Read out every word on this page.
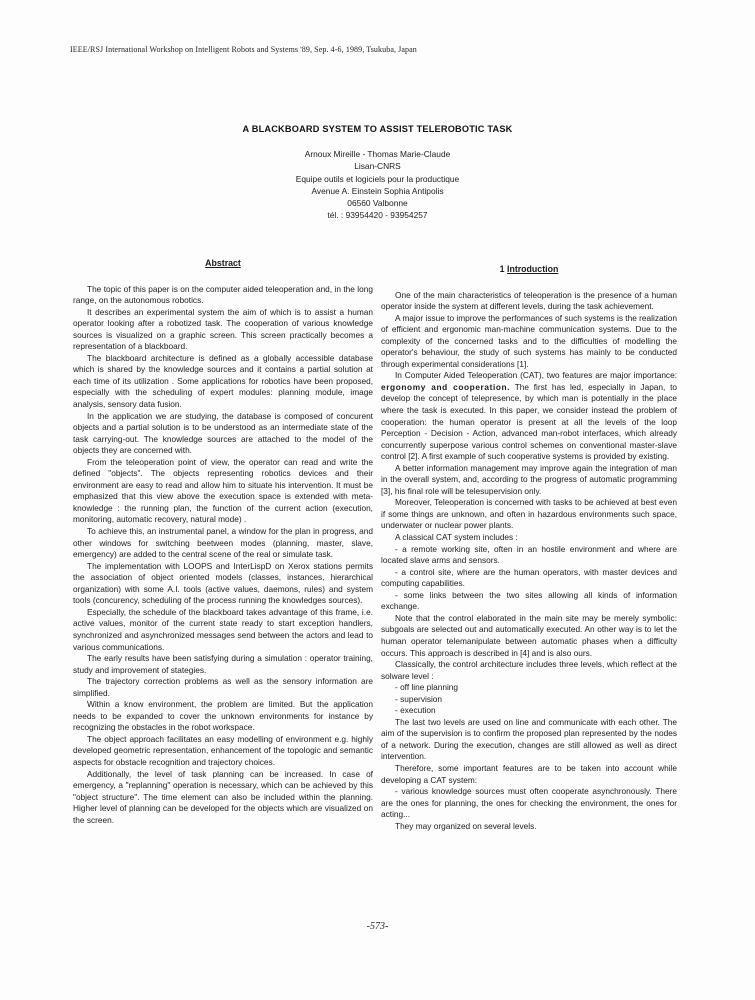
IEEE/RSJ International Workshop on Intelligent Robots and Systems '89, Sep. 4-6, 1989, Tsukuba, Japan
A BLACKBOARD SYSTEM TO ASSIST TELEROBOTIC TASK
Arnoux Mireille - Thomas Marie-Claude
Lisan-CNRS
Equipe outils et logiciels pour la productique
Avenue A. Einstein Sophia Antipolis
06560 Valbonne
tél. : 93954420 - 93954257
Abstract

The topic of this paper is on the computer aided teleoperation and, in the long range, on the autonomous robotics.

It describes an experimental system the aim of which is to assist a human operator looking after a robotized task. The cooperation of various knowledge sources is visualized on a graphic screen. This screen practically becomes a representation of a blackboard.

The blackboard architecture is defined as a globally accessible database which is shared by the knowledge sources and it contains a partial solution at each time of its utilization . Some applications for robotics have been proposed, especially with the scheduling of expert modules: planning module, image analysis, sensory data fusion.

In the application we are studying, the database is composed of concurent objects and a partial solution is to be understood as an intermediate state of the task carrying-out. The knowledge sources are attached to the model of the objects they are concerned with.

From the teleoperation point of view, the operator can read and write the defined "objects". The objects representing robotics devices and their environment are easy to read and allow him to situate his intervention. It must be emphasized that this view above the execution space is extended with meta-knowledge : the running plan, the function of the current action (execution, monitoring, automatic recovery, natural mode) .

To achieve this, an instrumental panel, a window for the plan in progress, and other windows for switching beetween modes (planning, master, slave, emergency) are added to the central scene of the real or simulate task.

The implementation with LOOPS and InterLispD on Xerox stations permits the association of object oriented models (classes, instances, hierarchical organization) with some A.I. tools (active values, daemons, rules) and system tools (concurency, scheduling of the process running the knowledges sources).

Especially, the schedule of the blackboard takes advantage of this frame, i.e. active values, monitor of the current state ready to start exception handlers, synchronized and asynchronized messages send between the actors and lead to various communications.

The early results have been satisfying during a simulation : operator training, study and improvement of stategies.

The trajectory correction problems as well as the sensory information are simplified.

Within a know environment, the problem are limited. But the application needs to be expanded to cover the unknown environments for instance by recognizing the obstacles in the robot workspace.

The object approach facilitates an easy modelling of environment e.g. highly developed geometric representation, enhancement of the topologic and semantic aspects for obstacle recognition and trajectory choices.

Additionally, the level of task planning can be increased. In case of emergency, a "replanning" operation is necessary, which can be achieved by this "object structure". The time element can also be included within the planning. Higher level of planning can be developed for the objects which are visualized on the screen.

1 Introduction

One of the main characteristics of teleoperation is the presence of a human operator inside the system at different levels, during the task achievement.

A major issue to improve the performances of such systems is the realization of efficient and ergonomic man-machine communication systems. Due to the complexity of the concerned tasks and to the difficulties of modelling the operator's behaviour, the study of such systems has mainly to be conducted through experimental considerations [1].

In Computer Aided Teleoperation (CAT), two features are major importance: ergonomy and cooperation. The first has led, especially in Japan, to develop the concept of telepresence, by which man is potentially in the place where the task is executed. In this paper, we consider instead the problem of cooperation: the human operator is present at all the levels of the loop Perception - Decision - Action, advanced man-robot interfaces, which already concurrently superpose various control schemes on conventional master-slave control [2]. A first example of such cooperative systems is provided by existing.

A better information management may improve again the integration of man in the overall system, and, according to the progress of automatic programming [3], his final role will be telesupervision only.

Moreover, Teleoperation is concerned with tasks to be achieved at best even if some things are unknown, and often in hazardous environments such space, underwater or nuclear power plants.

A classical CAT system includes :

- a remote working site, often in an hostile environment and where are located slave arms and sensors.

- a control site, where are the human operators, with master devices and computing capabilities.

- some links between the two sites allowing all kinds of information exchange.

Note that the control elaborated in the main site may be merely symbolic: subgoals are selected out and automatically executed. An other way is to let the human operator telemanipulate between automatic phases when a difficulty occurs. This approach is described in [4] and is also ours.

Classically, the control architecture includes three levels, which reflect at the solware level :

- off line planning

- supervision

- execution

The last two levels are used on line and communicate with each other. The aim of the supervision is to confirm the proposed plan represented by the nodes of a network. During the execution, changes are still allowed as well as direct intervention.

Therefore, some important features are to be taken into account while developing a CAT system:

- various knowledge sources must often cooperate asynchronously. There are the ones for planning, the ones for checking the environment, the ones for acting...

They may organized on several levels.

-573-
